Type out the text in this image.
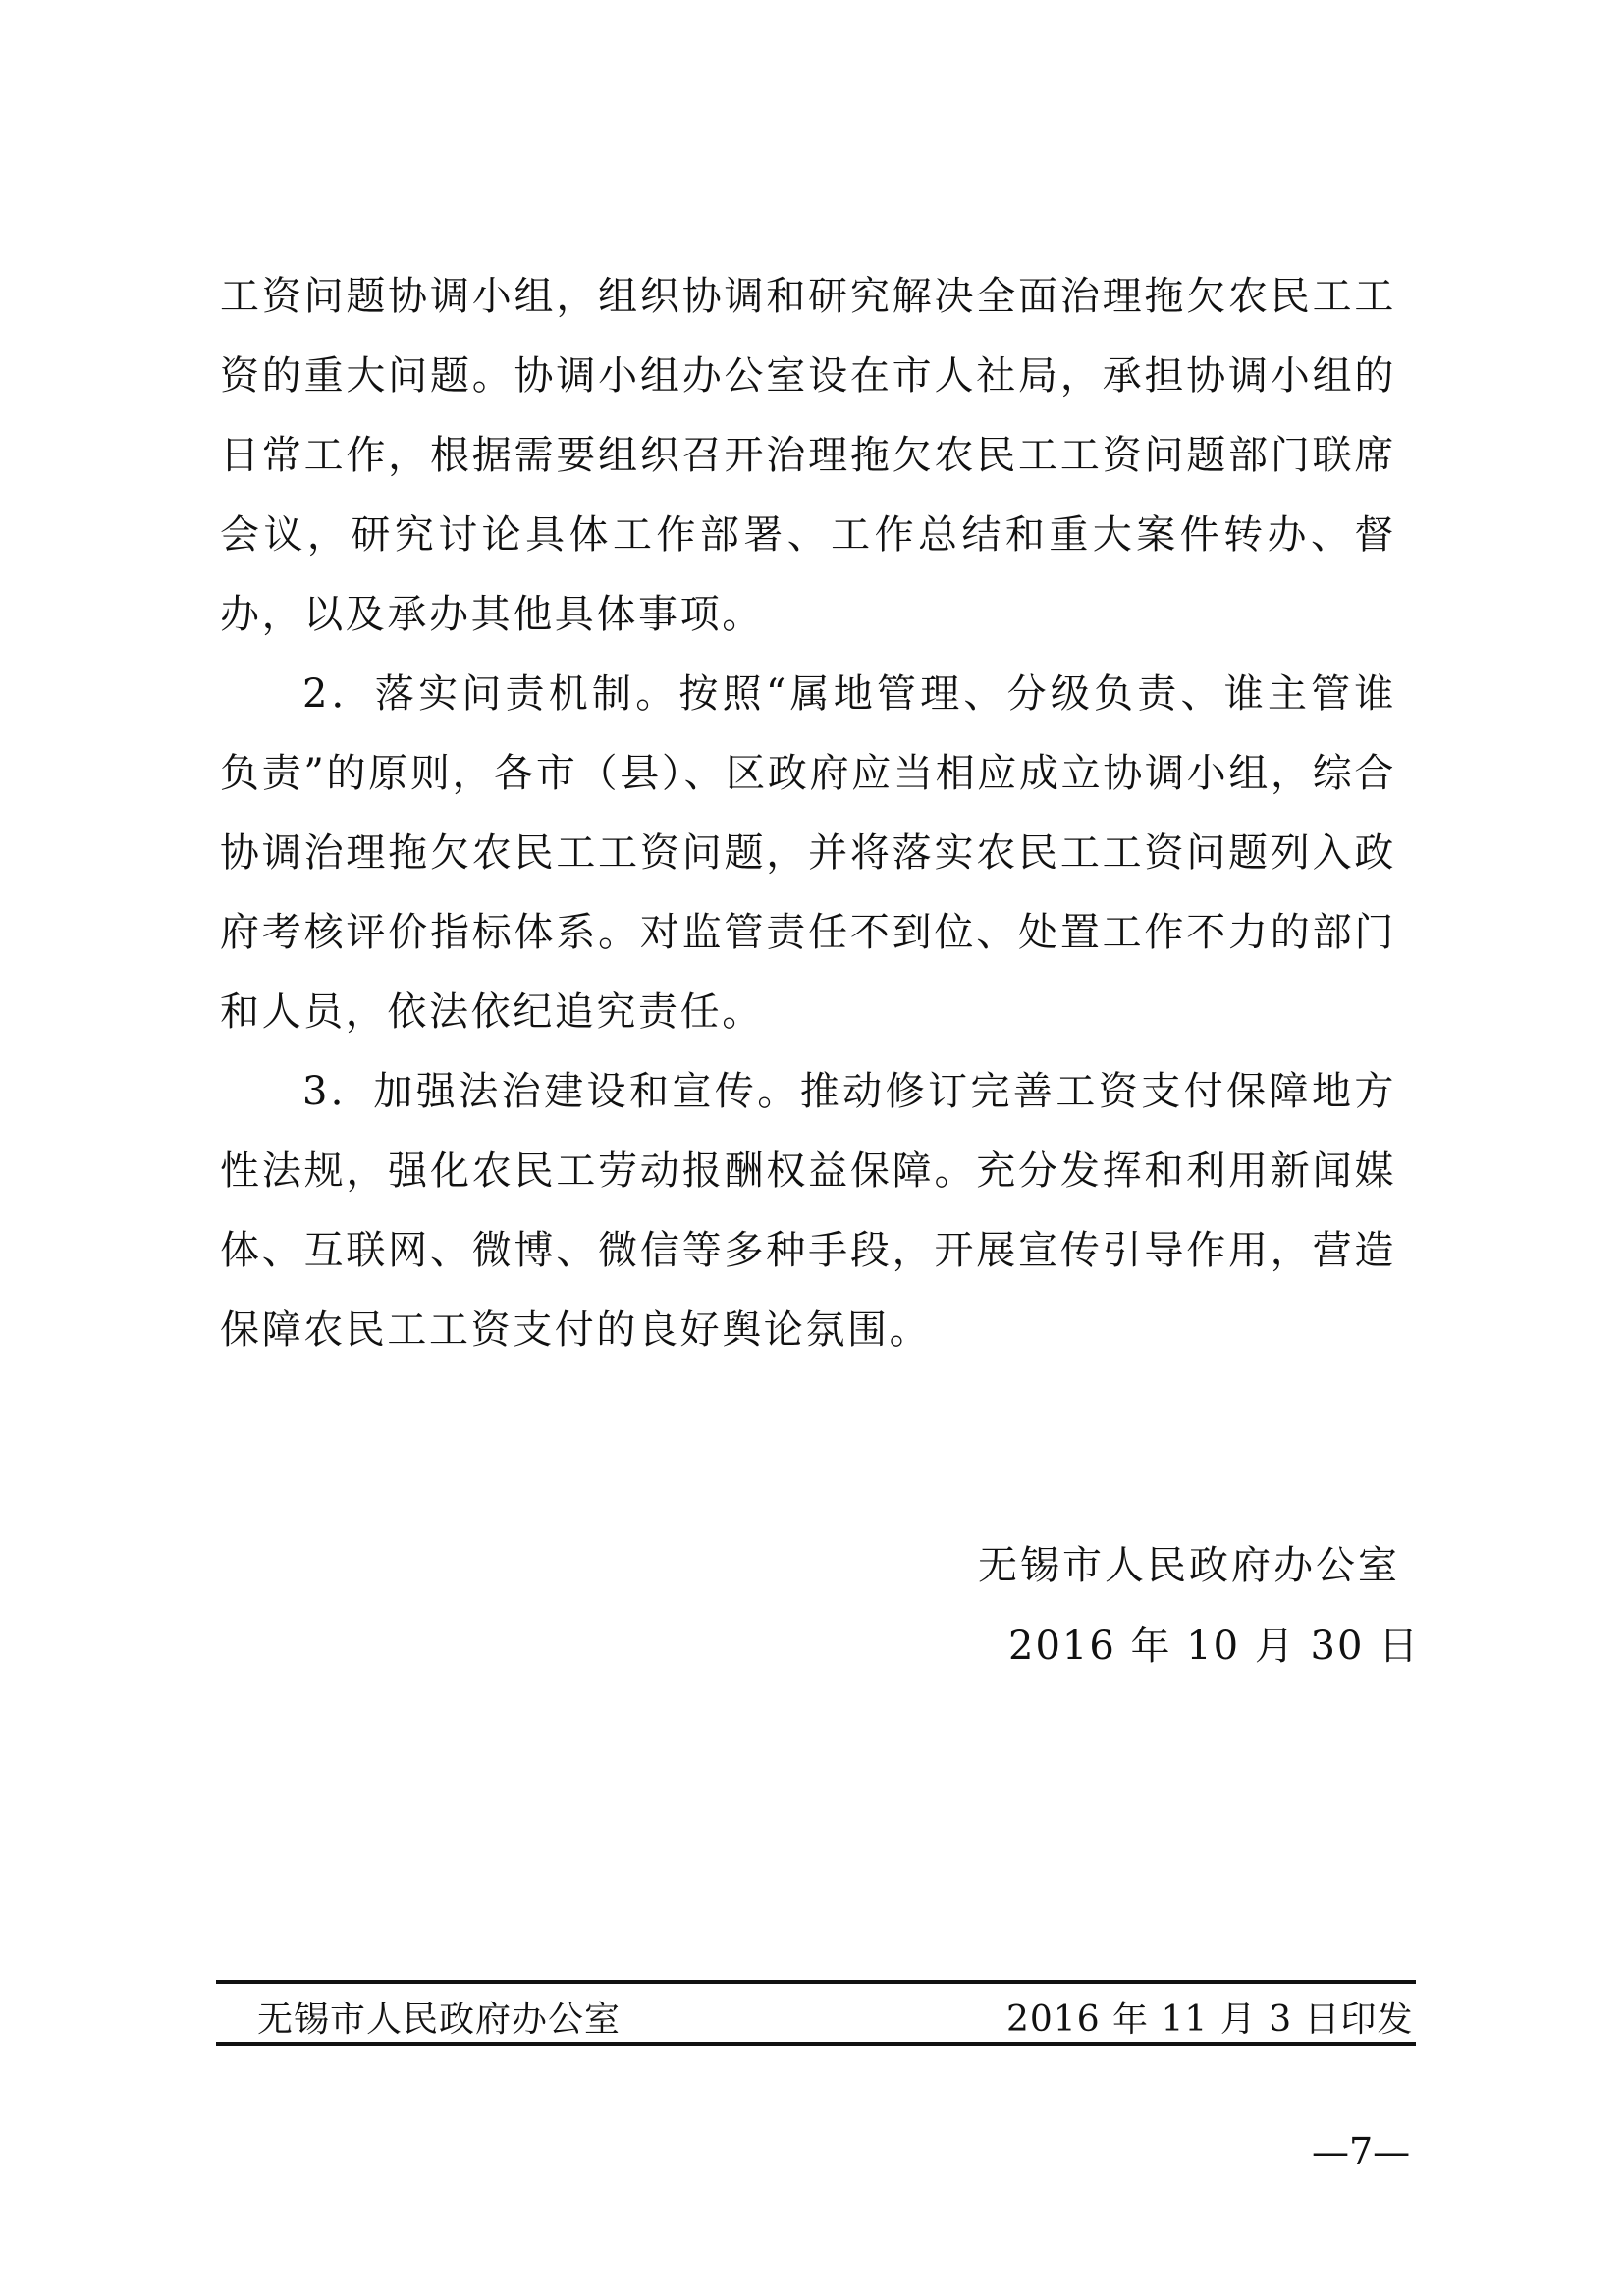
工资问题协调小组，组织协调和研究解决全面治理拖欠农民工工资的重大问题。协调小组办公室设在市人社局，承担协调小组的日常工作，根据需要组织召开治理拖欠农民工工资问题部门联席会议，研究讨论具体工作部署、工作总结和重大案件转办、督办，以及承办其他具体事项。

2．落实问责机制。按照“属地管理、分级负责、谁主管谁负责”的原则，各市（县）、区政府应当相应成立协调小组，综合协调治理拖欠农民工工资问题，并将落实农民工工资问题列入政府考核评价指标体系。对监管责任不到位、处置工作不力的部门和人员，依法依纪追究责任。

3．加强法治建设和宣传。推动修订完善工资支付保障地方性法规，强化农民工劳动报酬权益保障。充分发挥和利用新闻媒体、互联网、微博、微信等多种手段，开展宣传引导作用，营造保障农民工工资支付的良好舆论氛围。

无锡市人民政府办公室
2016 年 10 月 30 日
无锡市人民政府办公室	2016 年 11 月 3 日印发
—7—
